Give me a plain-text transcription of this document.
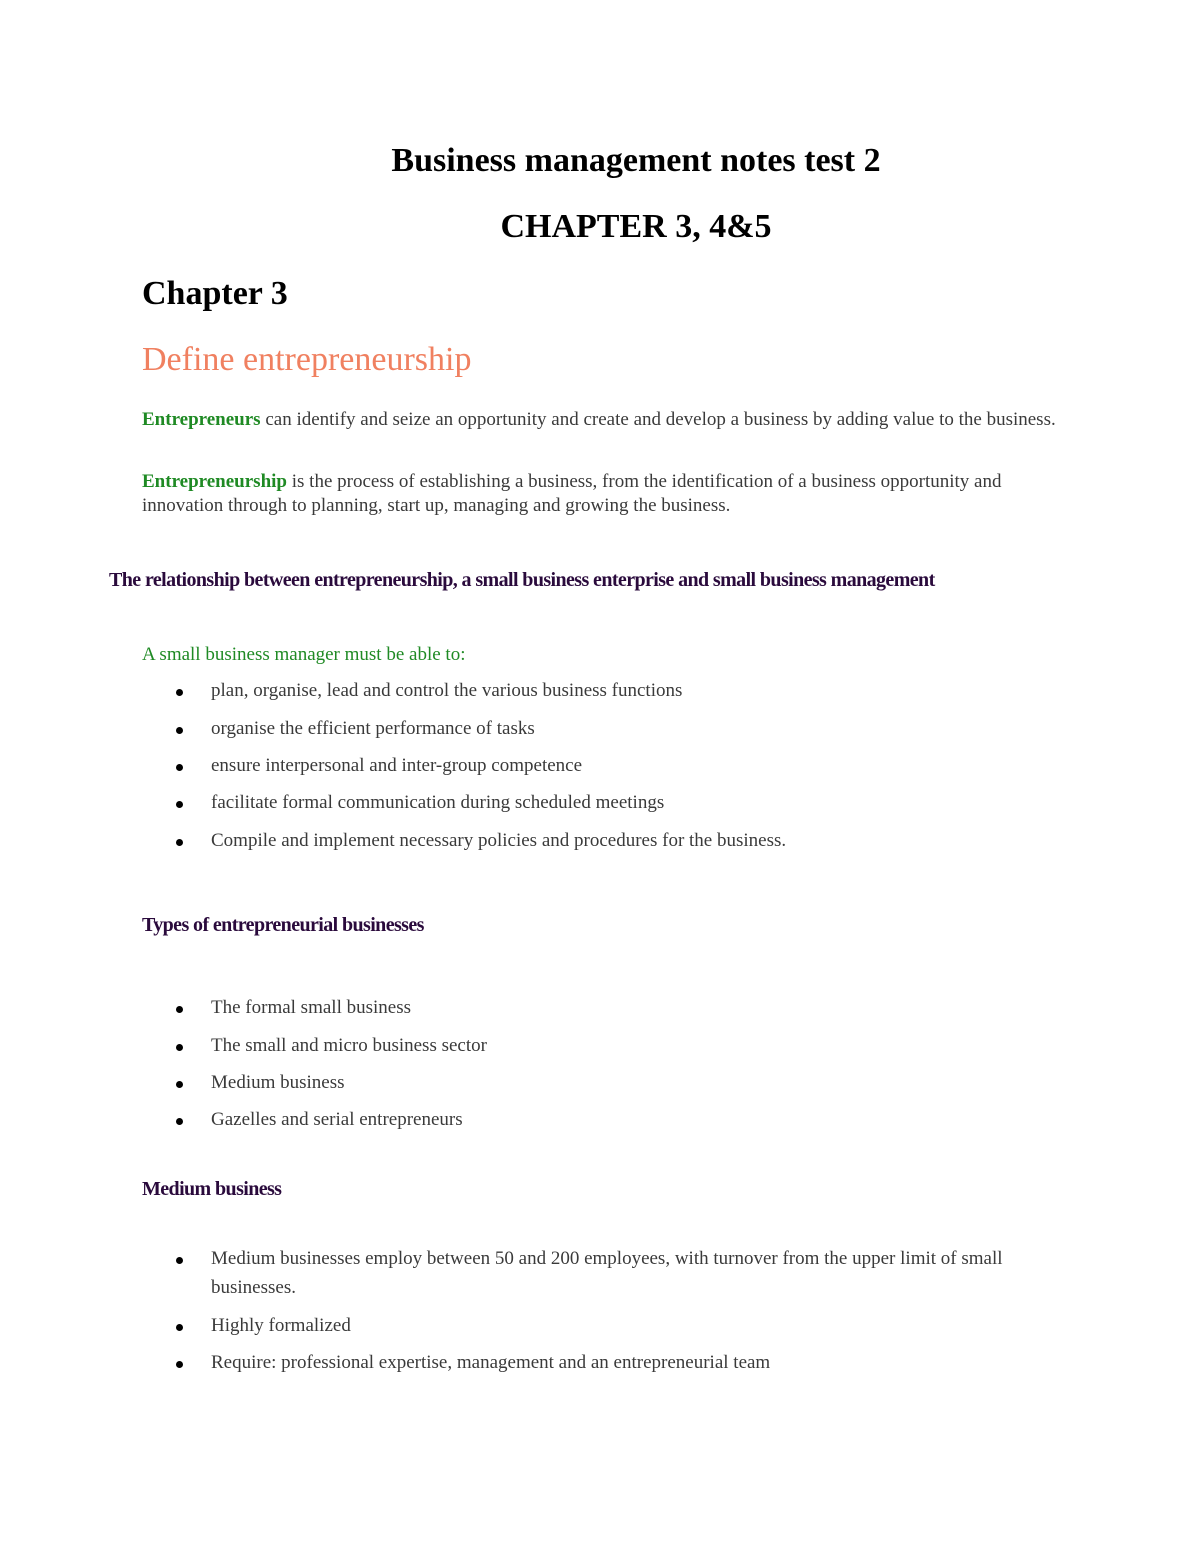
Business management notes test 2
CHAPTER 3, 4&5
Chapter 3
Define entrepreneurship
Entrepreneurs can identify and seize an opportunity and create and develop a business by adding value to the business.
Entrepreneurship is the process of establishing a business, from the identification of a business opportunity and innovation through to planning, start up, managing and growing the business.
The relationship between entrepreneurship, a small business enterprise and small business management
A small business manager must be able to:
plan, organise, lead and control the various business functions
organise the efficient performance of tasks
ensure interpersonal and inter-group competence
facilitate formal communication during scheduled meetings
Compile and implement necessary policies and procedures for the business.
Types of entrepreneurial businesses
The formal small business
The small and micro business sector
Medium business
Gazelles and serial entrepreneurs
Medium business
Medium businesses employ between 50 and 200 employees, with turnover from the upper limit of small businesses.
Highly formalized
Require: professional expertise, management and an entrepreneurial team
